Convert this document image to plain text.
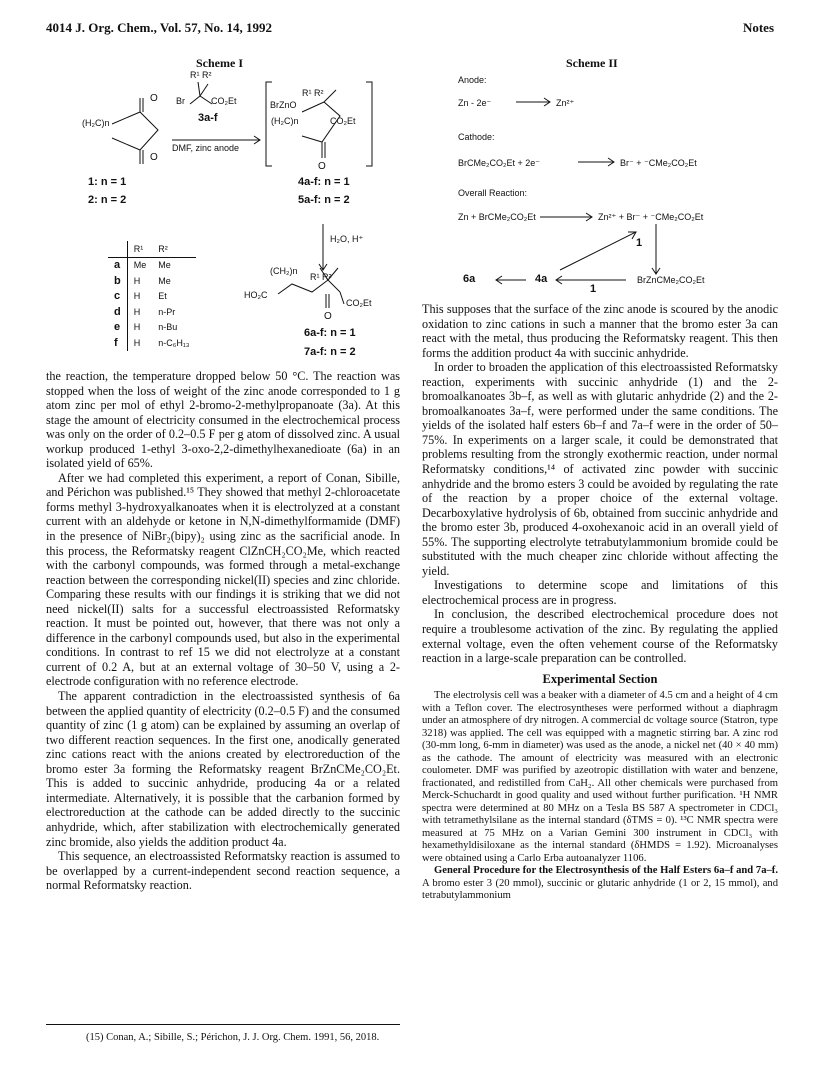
4014 J. Org. Chem., Vol. 57, No. 14, 1992	Notes
Scheme I
O
O
(H₂C)n
R¹ R²
Br	CO₂Et
3a-f
DMF, zinc anode
BrZnO
R¹ R²
(H₂C)n	CO₂Et
O
1: n = 1
2: n = 2
4a-f: n = 1
5a-f: n = 2
H₂O, H⁺
	R¹	R²
a	Me	Me
b	H	Me
c	H	Et
d	H	n-Pr
e	H	n-Bu
f	H	n-C₆H₁₃
HO₂C
(CH₂)n
R¹ R²
CO₂Et
O
6a-f: n = 1
7a-f: n = 2
Scheme II
Anode:
Zn - 2e⁻	Zn²⁺
Cathode:
BrCMe₂CO₂Et + 2e⁻	Br⁻ + ⁻CMe₂CO₂Et
Overall Reaction:
Zn + BrCMe₂CO₂Et	Zn²⁺ + Br⁻ + ⁻CMe₂CO₂Et
1
6a	4a	BrZnCMe₂CO₂Et
1

the reaction, the temperature dropped below 50 °C. The reaction was stopped when the loss of weight of the zinc anode corresponded to 1 g atom zinc per mol of ethyl 2-bromo-2-methylpropanoate (3a). At this stage the amount of electricity consumed in the electrochemical process was only on the order of 0.2–0.5 F per g atom of dissolved zinc. A usual workup produced 1-ethyl 3-oxo-2,2-dimethylhexanedioate (6a) in an isolated yield of 65%.

After we had completed this experiment, a report of Conan, Sibille, and Périchon was published.¹⁵ They showed that methyl 2-chloroacetate forms methyl 3-hydroxyalkanoates when it is electrolyzed at a constant current with an aldehyde or ketone in N,N-dimethylformamide (DMF) in the presence of NiBr₂(bipy)₂ using zinc as the sacrificial anode. In this process, the Reformatsky reagent ClZnCH₂CO₂Me, which reacted with the carbonyl compounds, was formed through a metal-exchange reaction between the corresponding nickel(II) species and zinc chloride. Comparing these results with our findings it is striking that we did not need nickel(II) salts for a successful electroassisted Reformatsky reaction. It must be pointed out, however, that there was not only a difference in the carbonyl compounds used, but also in the experimental conditions. In contrast to ref 15 we did not electrolyze at a constant current of 0.2 A, but at an external voltage of 30–50 V, using a 2-electrode configuration with no reference electrode.

The apparent contradiction in the electroassisted synthesis of 6a between the applied quantity of electricity (0.2–0.5 F) and the consumed quantity of zinc (1 g atom) can be explained by assuming an overlap of two different reaction sequences. In the first one, anodically generated zinc cations react with the anions created by electroreduction of the bromo ester 3a forming the Reformatsky reagent BrZnCMe₂CO₂Et. This is added to succinic anhydride, producing 4a or a related intermediate. Alternatively, it is possible that the carbanion formed by electroreduction at the cathode can be added directly to the succinic anhydride, which, after stabilization with electrochemically generated zinc bromide, also yields the addition product 4a.

This sequence, an electroassisted Reformatsky reaction is assumed to be overlapped by a current-independent second reaction sequence, a normal Reformatsky reaction.

(15) Conan, A.; Sibille, S.; Périchon, J. J. Org. Chem. 1991, 56, 2018.

This supposes that the surface of the zinc anode is scoured by the anodic oxidation to zinc cations in such a manner that the bromo ester 3a can react with the metal, thus producing the Reformatsky reagent. This then forms the addition product 4a with succinic anhydride.

In order to broaden the application of this electroassisted Reformatsky reaction, experiments with succinic anhydride (1) and the 2-bromoalkanoates 3b–f, as well as with glutaric anhydride (2) and the 2-bromoalkanoates 3a–f, were performed under the same conditions. The yields of the isolated half esters 6b–f and 7a–f were in the order of 50–75%. In experiments on a larger scale, it could be demonstrated that problems resulting from the strongly exothermic reaction, under normal Reformatsky conditions,¹⁴ of activated zinc powder with succinic anhydride and the bromo esters 3 could be avoided by regulating the rate of the reaction by a proper choice of the external voltage. Decarboxylative hydrolysis of 6b, obtained from succinic anhydride and the bromo ester 3b, produced 4-oxohexanoic acid in an overall yield of 55%. The supporting electrolyte tetrabutylammonium bromide could be substituted with the much cheaper zinc chloride without affecting the yield.

Investigations to determine scope and limitations of this electrochemical process are in progress.

In conclusion, the described electrochemical procedure does not require a troublesome activation of the zinc. By regulating the applied external voltage, even the often vehement course of the Reformatsky reaction in a large-scale preparation can be controlled.

Experimental Section

The electrolysis cell was a beaker with a diameter of 4.5 cm and a height of 4 cm with a Teflon cover. The electrosyntheses were performed without a diaphragm under an atmosphere of dry nitrogen. A commercial dc voltage source (Statron, type 3218) was applied. The cell was equipped with a magnetic stirring bar. A zinc rod (30-mm long, 6-mm in diameter) was used as the anode, a nickel net (40 × 40 mm) as the cathode. The amount of electricity was measured with an electronic coulometer. DMF was purified by azeotropic distillation with water and benzene, fractionated, and redistilled from CaH₂. All other chemicals were purchased from Merck-Schuchardt in good quality and used without further purification. ¹H NMR spectra were determined at 80 MHz on a Tesla BS 587 A spectrometer in CDCl₃ with tetramethylsilane as the internal standard (δTMS = 0). ¹³C NMR spectra were measured at 75 MHz on a Varian Gemini 300 instrument in CDCl₃ with hexamethyldisiloxane as the internal standard (δHMDS = 1.92). Microanalyses were obtained using a Carlo Erba autoanalyzer 1106.

General Procedure for the Electrosynthesis of the Half Esters 6a–f and 7a–f. A bromo ester 3 (20 mmol), succinic or glutaric anhydride (1 or 2, 15 mmol), and tetrabutylammonium
